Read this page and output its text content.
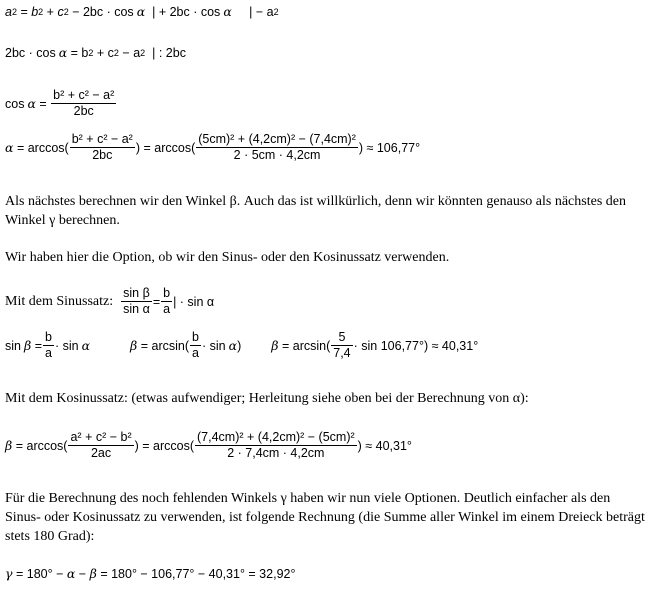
a 2 = b 2 + c 2
− 2bc · cos α
| + 2bc · cos α
| − a 2
2bc · cos α
= b 2
+ c 2
− a 2
| : 2bc
$\cos \alpha = \frac{\text{b² + c² − a²}}{2bc}$
α
= $\arccos( \frac{\text{b² + c² − a²}}{2bc}$ ) = $\arccos( \frac{\text{(5cm)² + (4,2cm)² − (7,4cm)²}}{2 \cdot 5cm \cdot 4,2cm}$ ) ≈ 106,77°
Als nächstes berechnen wir den Winkel β. Auch das ist willkürlich, denn wir könnten genauso als nächstes den Winkel γ berechnen.
Wir haben hier die Option, ob wir den Sinus- oder den Kosinussatz verwenden.
Mit dem Sinussatz:
$\frac{\text{sin β}}{\text{sin α}} = \frac{b}{a}$ | · sin α
sin β
= $\frac{b}{a} \cdot \sin \alpha$	β
= $\arcsin( \frac{b}{a} \cdot \sin \alpha$ ) β
= $\arcsin( \frac{5}{7,4} \cdot \sin 106,77^\circ) \approx 40,31^\circ$
Mit dem Kosinussatz: (etwas aufwendiger; Herleitung siehe oben bei der Berechnung von α):
β
= $\arccos( \frac{\text{a² + c² − b²}}{2ac}$ ) = $\arccos( \frac{\text{(7,4cm)² + (4,2cm)² − (5cm)²}}{2 \cdot 7,4cm \cdot 4,2cm}$ ) ≈ 40,31°
Für die Berechnung des noch fehlenden Winkels γ haben wir nun viele Optionen. Deutlich einfacher als den Sinus- oder Kosinussatz zu verwenden, ist folgende Rechnung (die Summe aller Winkel im einem Dreieck beträgt stets 180 Grad):
γ
= 180° −
α
−
β
= 180° − 106,77° − 40,31° = 32,92°
